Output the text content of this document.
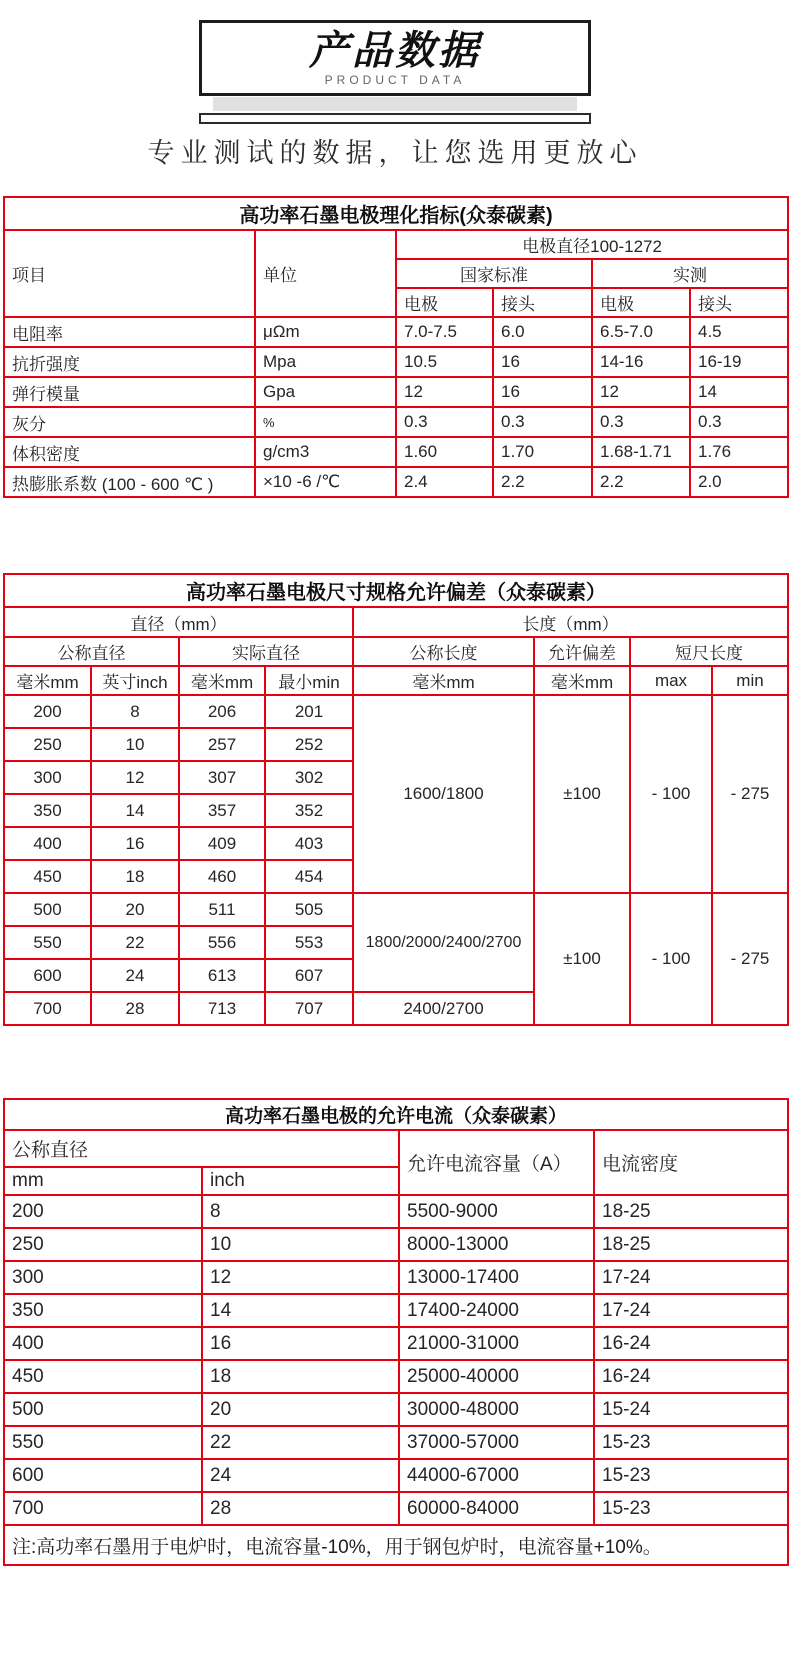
产品数据
PRODUCT DATA
专业测试的数据，让您选用更放心
高功率石墨电极理化指标(众泰碳素)					
项目	单位	电极直径100-1272			
		国家标准		实测	
		电极	接头	电极	接头
电阻率	μΩm	7.0-7.5	6.0	6.5-7.0	4.5
抗折强度	Mpa	10.5	16	14-16	16-19
弹行模量	Gpa	12	16	12	14
灰分	%	0.3	0.3	0.3	0.3
体积密度	g/cm3	1.60	1.70	1.68-1.71	1.76
热膨胀系数 (100 - 600 ℃ )	×10 -6 /℃	2.4	2.2	2.2	2.0
高功率石墨电极尺寸规格允许偏差（众泰碳素）							
直径（mm）				长度（mm）			
公称直径		实际直径		公称长度	允许偏差	短尺长度	
毫米mm	英寸inch	毫米mm	最小min	毫米mm	毫米mm	max	min
200	8	206	201	1600/1800	±100	- 100	- 275
250	10	257	252				
300	12	307	302				
350	14	357	352				
400	16	409	403				
450	18	460	454				
500	20	511	505	1800/2000/2400/2700	±100	- 100	- 275
550	22	556	553				
600	24	613	607				
700	28	713	707	2400/2700			
高功率石墨电极的允许电流（众泰碳素）			
公称直径		允许电流容量（A）	电流密度
mm	inch		
200	8	5500-9000	18-25
250	10	8000-13000	18-25
300	12	13000-17400	17-24
350	14	17400-24000	17-24
400	16	21000-31000	16-24
450	18	25000-40000	16-24
500	20	30000-48000	15-24
550	22	37000-57000	15-23
600	24	44000-67000	15-23
700	28	60000-84000	15-23
注:高功率石墨用于电炉时，电流容量-10%，用于钢包炉时，电流容量+10%。			
